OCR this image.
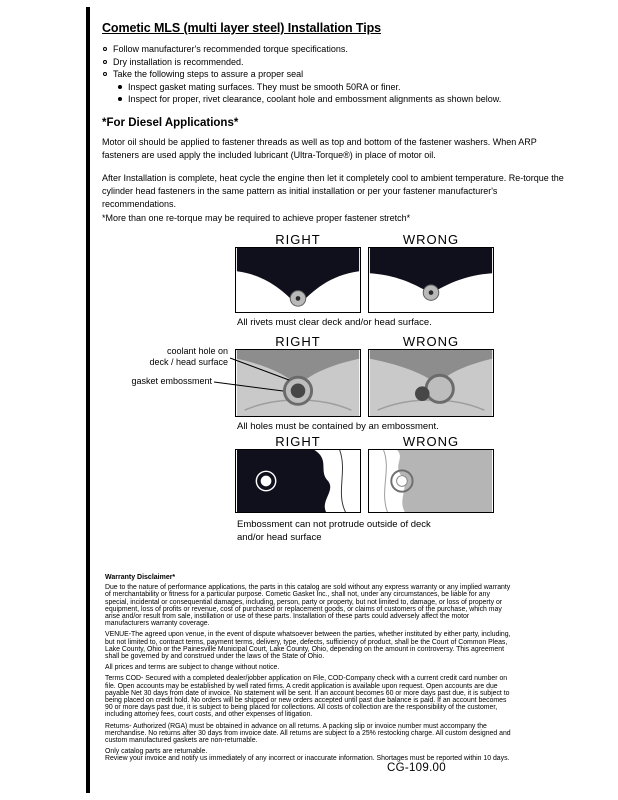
Cometic MLS (multi layer steel) Installation Tips
Follow manufacturer's recommended torque specifications.
Dry installation is recommended.
Take the following steps to assure a proper seal
Inspect gasket mating surfaces. They must be smooth 50RA or finer.
Inspect for proper, rivet clearance, coolant hole and embossment alignments as shown below.
*For Diesel Applications*

Motor oil should be applied to fastener threads as well as top and bottom of the fastener washers. When ARP fasteners are used apply the included lubricant (Ultra-Torque®) in place of motor oil.

After Installation is complete, heat cycle the engine then let it completely cool to ambient temperature. Re-torque the cylinder head fasteners in the same pattern as initial installation or per your fastener manufacturer's recommendations.

*More than one re-torque may be required to achieve proper fastener stretch*
RIGHT	WRONG
All rivets must clear deck and/or head surface.
RIGHT	WRONG
coolant hole on
deck / head surface
gasket embossment
All holes must be contained by an embossment.
RIGHT	WRONG
Embossment can not protrude outside of deck
and/or head surface
Warranty Disclaimer*

Due to the nature of performance applications, the parts in this catalog are sold without any express warranty or any implied warranty of merchantability or fitness for a particular purpose. Cometic Gasket Inc., shall not, under any circumstances, be liable for any special, incidental or consequential damages, including, person, party or property, but not limited to, damage, or loss of property or equipment, loss of profits or revenue, cost of purchased or replacement goods, or claims of customers of the purchase, which may arise and/or result from sale, instillation or use of these parts. Installation of these parts could adversely affect the motor manufacturers warranty coverage.

VENUE-The agreed upon venue, in the event of dispute whatsoever between the parties, whether instituted by either party, including, but not limited to, contract terms, payment terms, delivery, type, defects, sufficiency of product, shall be the Court of Common Pleas, Lake County, Ohio or the Painesville Municipal Court, Lake County, Ohio, depending on the amount in controversy. This agreement shall be governed by and construed under the laws of the State of Ohio.

All prices and terms are subject to change without notice.

Terms COD- Secured with a completed dealer/jobber application on File, COD-Company check with a current credit card number on file. Open accounts may be established by well rated firms. A credit application is available upon request. Open accounts are due payable Net 30 days from date of invoice. No statement will be sent. If an account becomes 60 or more days past due, it is subject to being placed on credit hold. No orders will be shipped or new orders accepted until past due balance is paid. If an account becomes 90 or more days past due, it is subject to being placed for collections. All costs of collection are the responsibility of the customer, including attorney fees, court costs, and other expenses of litigation.

Returns- Authorized (RGA) must be obtained in advance on all returns. A packing slip or invoice number must accompany the merchandise. No returns after 30 days from invoice date. All returns are subject to a 25% restocking charge. All custom designed and custom manufactured gaskets are non-returnable.

Only catalog parts are returnable.

Review your invoice and notify us immediately of any incorrect or inaccurate information. Shortages must be reported within 10 days.

CG-109.00
